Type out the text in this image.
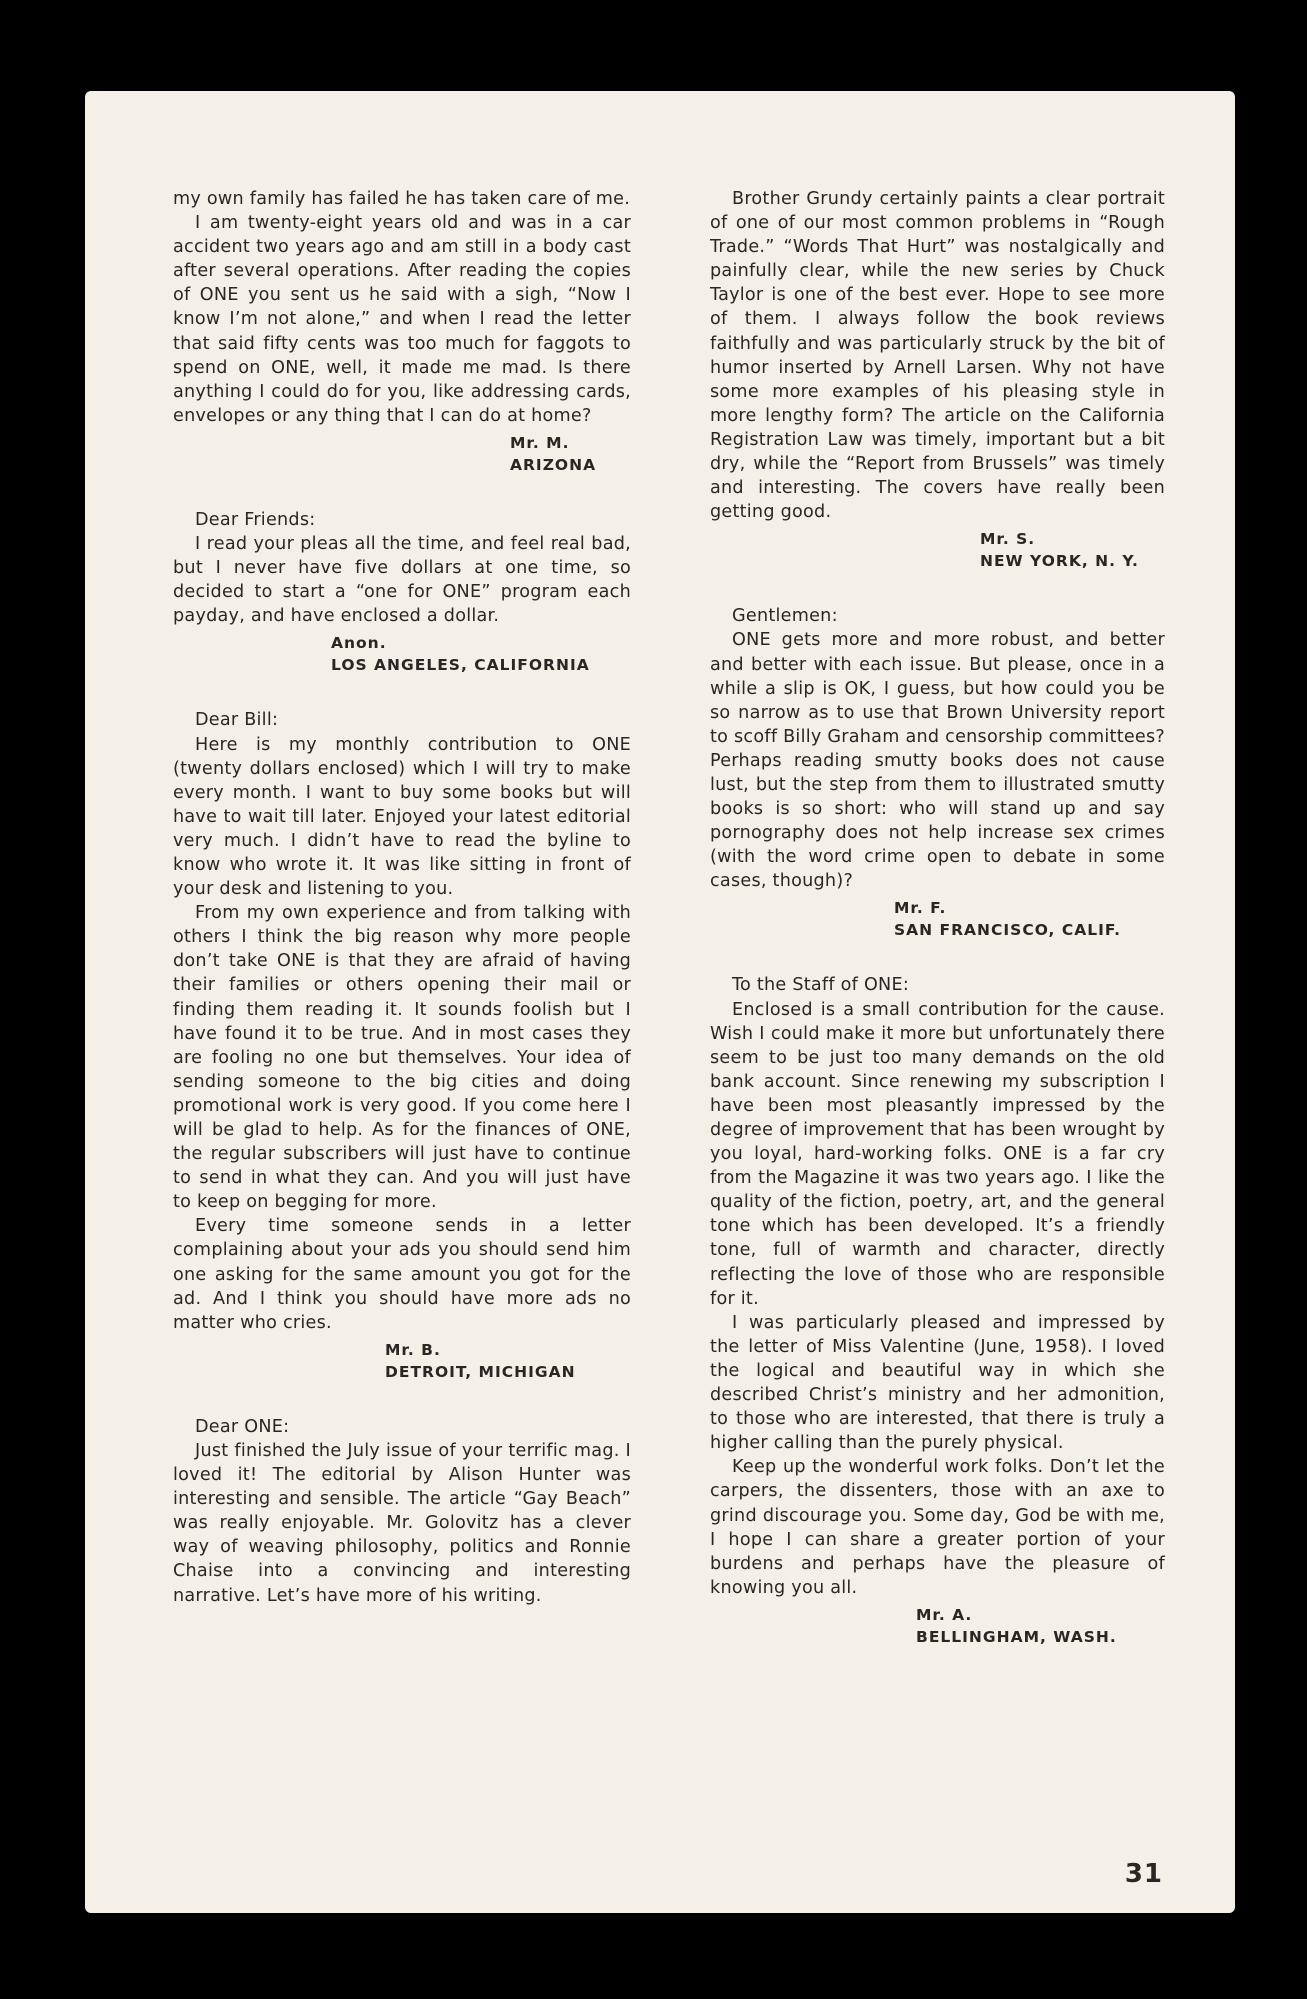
my own family has failed he has taken care of me.

I am twenty-eight years old and was in a car accident two years ago and am still in a body cast after several operations. After reading the copies of ONE you sent us he said with a sigh, “Now I know I’m not alone,” and when I read the letter that said fifty cents was too much for faggots to spend on ONE, well, it made me mad. Is there anything I could do for you, like addressing cards, envelopes or any thing that I can do at home?

Mr. M.
ARIZONA

Dear Friends:

I read your pleas all the time, and feel real bad, but I never have five dollars at one time, so decided to start a “one for ONE” program each payday, and have enclosed a dollar.

Anon.
LOS ANGELES, CALIFORNIA

Dear Bill:

Here is my monthly contribution to ONE (twenty dollars enclosed) which I will try to make every month. I want to buy some books but will have to wait till later. Enjoyed your latest editorial very much. I didn’t have to read the byline to know who wrote it. It was like sitting in front of your desk and listening to you.

From my own experience and from talking with others I think the big reason why more people don’t take ONE is that they are afraid of having their families or others opening their mail or finding them reading it. It sounds foolish but I have found it to be true. And in most cases they are fooling no one but themselves. Your idea of sending someone to the big cities and doing promotional work is very good. If you come here I will be glad to help. As for the finances of ONE, the regular subscribers will just have to continue to send in what they can. And you will just have to keep on begging for more.

Every time someone sends in a letter complaining about your ads you should send him one asking for the same amount you got for the ad. And I think you should have more ads no matter who cries.

Mr. B.
DETROIT, MICHIGAN

Dear ONE:

Just finished the July issue of your terrific mag. I loved it! The editorial by Alison Hunter was interesting and sensible. The article “Gay Beach” was really enjoyable. Mr. Golovitz has a clever way of weaving philosophy, politics and Ronnie Chaise into a convincing and interesting narrative. Let’s have more of his writing.

Brother Grundy certainly paints a clear portrait of one of our most common problems in “Rough Trade.” “Words That Hurt” was nostalgically and painfully clear, while the new series by Chuck Taylor is one of the best ever. Hope to see more of them. I always follow the book reviews faithfully and was particularly struck by the bit of humor inserted by Arnell Larsen. Why not have some more examples of his pleasing style in more lengthy form? The article on the California Registration Law was timely, important but a bit dry, while the “Report from Brussels” was timely and interesting. The covers have really been getting good.

Mr. S.
NEW YORK, N. Y.

Gentlemen:

ONE gets more and more robust, and better and better with each issue. But please, once in a while a slip is OK, I guess, but how could you be so narrow as to use that Brown University report to scoff Billy Graham and censorship committees? Perhaps reading smutty books does not cause lust, but the step from them to illustrated smutty books is so short: who will stand up and say pornography does not help increase sex crimes (with the word crime open to debate in some cases, though)?

Mr. F.
SAN FRANCISCO, CALIF.

To the Staff of ONE:

Enclosed is a small contribution for the cause. Wish I could make it more but unfortunately there seem to be just too many demands on the old bank account. Since renewing my subscription I have been most pleasantly impressed by the degree of improvement that has been wrought by you loyal, hard-working folks. ONE is a far cry from the Magazine it was two years ago. I like the quality of the fiction, poetry, art, and the general tone which has been developed. It’s a friendly tone, full of warmth and character, directly reflecting the love of those who are responsible for it.

I was particularly pleased and impressed by the letter of Miss Valentine (June, 1958). I loved the logical and beautiful way in which she described Christ’s ministry and her admonition, to those who are interested, that there is truly a higher calling than the purely physical.

Keep up the wonderful work folks. Don’t let the carpers, the dissenters, those with an axe to grind discourage you. Some day, God be with me, I hope I can share a greater portion of your burdens and perhaps have the pleasure of knowing you all.

Mr. A.
BELLINGHAM, WASH.
31
